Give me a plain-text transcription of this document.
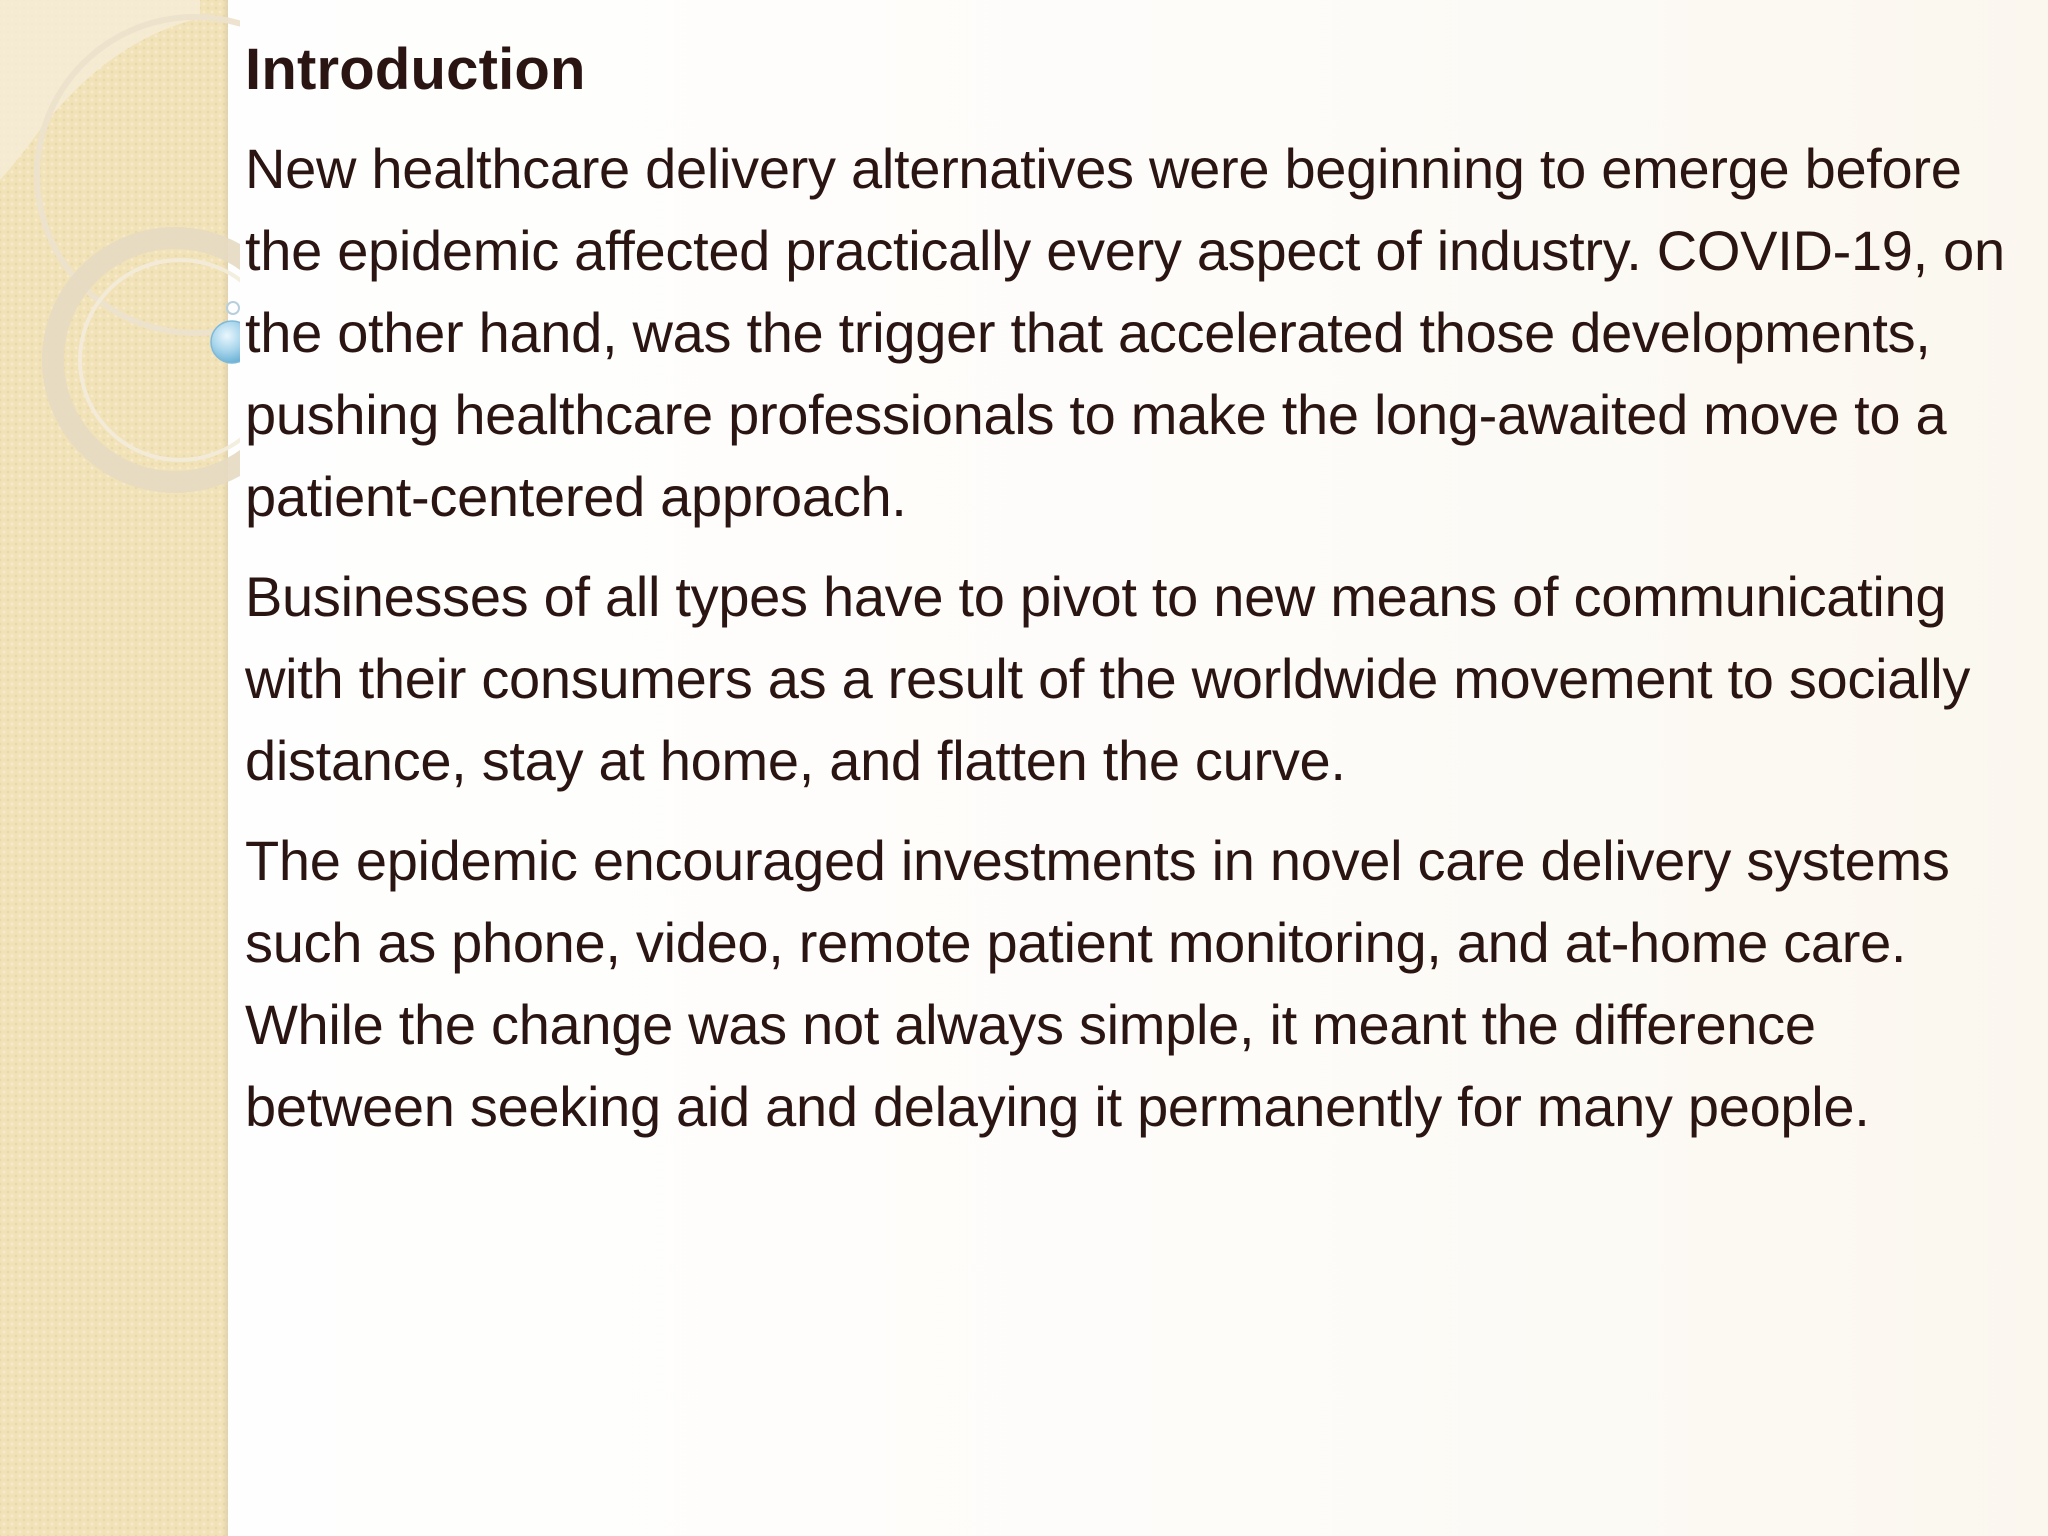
Introduction

New healthcare delivery alternatives were beginning to emerge before the epidemic affected practically every aspect of industry. COVID-19, on the other hand, was the trigger that accelerated those developments, pushing healthcare professionals to make the long-awaited move to a patient-centered approach.

Businesses of all types have to pivot to new means of communicating with their consumers as a result of the worldwide movement to socially distance, stay at home, and flatten the curve.

The epidemic encouraged investments in novel care delivery systems such as phone, video, remote patient monitoring, and at-home care. While the change was not always simple, it meant the difference between seeking aid and delaying it permanently for many people.
